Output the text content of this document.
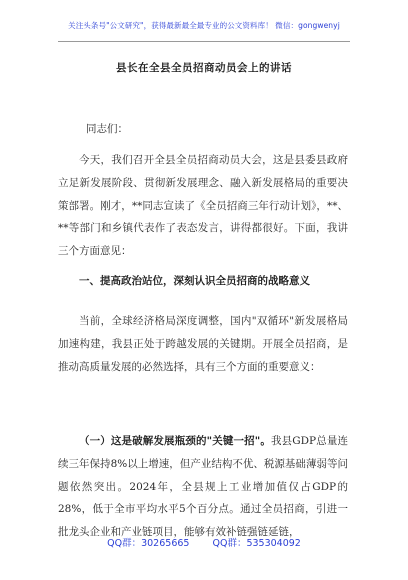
关注头条号"公文研究"，获得最新最全最专业的公文资料库！ 微信：gongwenyj
县长在全县全员招商动员会上的讲话
同志们：

今天，我们召开全县全员招商动员大会，这是县委县政府立足新发展阶段、贯彻新发展理念、融入新发展格局的重要决策部署。刚才，**同志宣读了《全员招商三年行动计划》，**、**等部门和乡镇代表作了表态发言，讲得都很好。下面，我讲三个方面意见：

一、提高政治站位，深刻认识全员招商的战略意义

当前，全球经济格局深度调整，国内"双循环"新发展格局加速构建，我县正处于跨越发展的关键期。开展全员招商，是推动高质量发展的必然选择，具有三个方面的重要意义：

（一）这是破解发展瓶颈的"关键一招"。我县GDP总量连续三年保持8%以上增速，但产业结构不优、税源基础薄弱等问题依然突出。2024年，全县规上工业增加值仅占GDP的28%，低于全市平均水平5个百分点。通过全员招商，引进一批龙头企业和产业链项目，能够有效补链强链延链，

QQ群：30265665 QQ群：535304092
